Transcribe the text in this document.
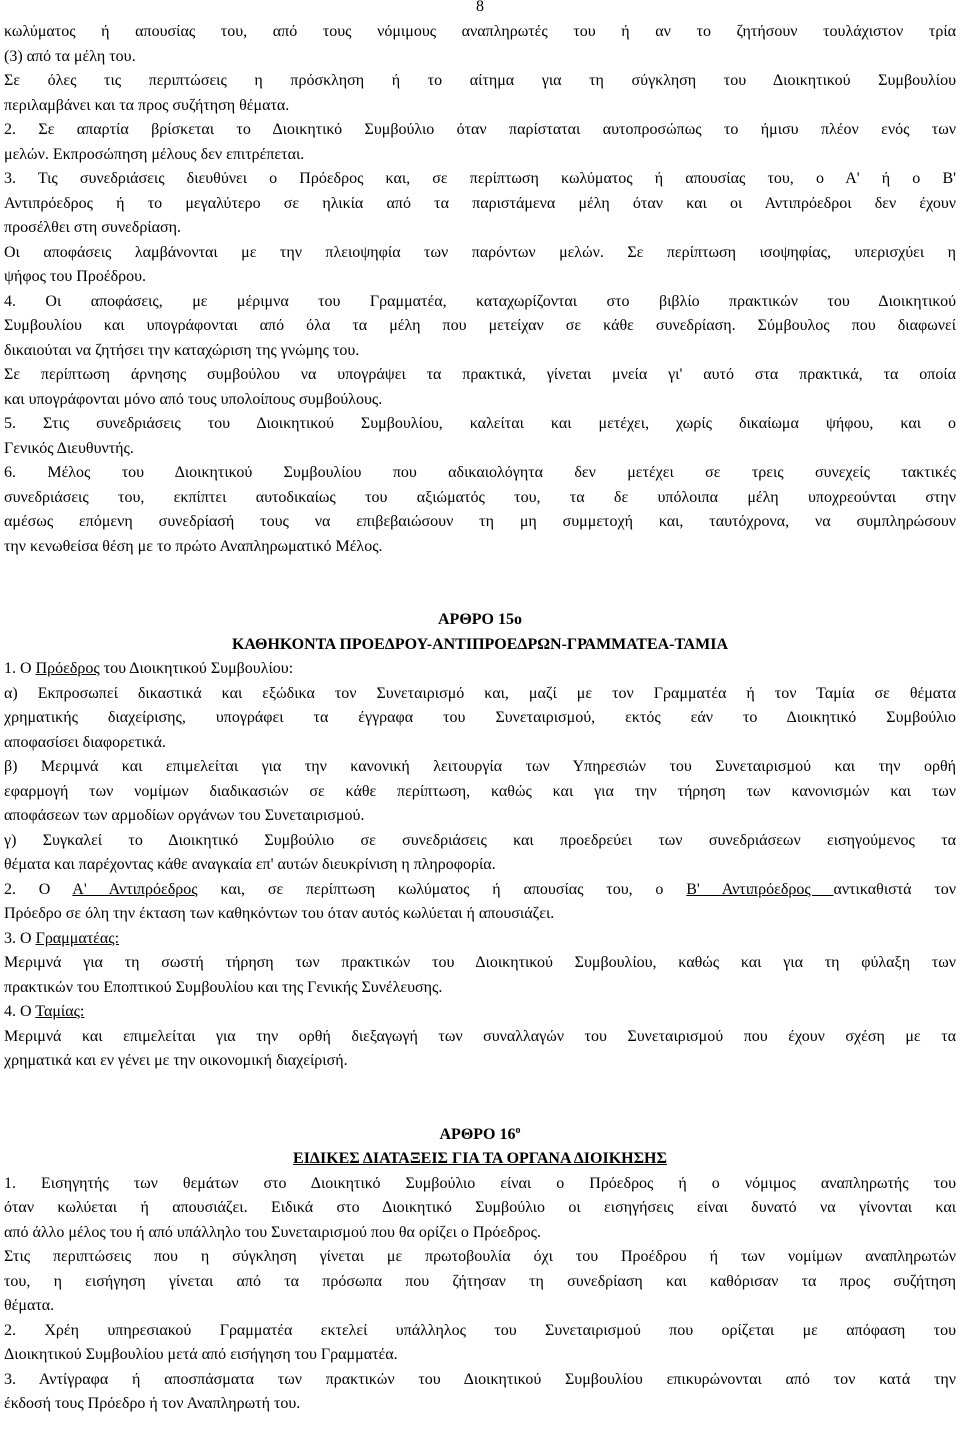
8
κωλύματος ή απουσίας του, από τους νόμιμους αναπληρωτές του ή αν το ζητήσουν τουλάχιστον τρία
(3) από τα μέλη του.
Σε όλες τις περιπτώσεις η πρόσκληση ή το αίτημα για τη σύγκληση του Διοικητικού Συμβουλίου
περιλαμβάνει και τα προς συζήτηση θέματα.
2. Σε απαρτία βρίσκεται το Διοικητικό Συμβούλιο όταν παρίσταται αυτοπροσώπως το ήμισυ πλέον ενός των
μελών. Εκπροσώπηση μέλους δεν επιτρέπεται.
3. Τις συνεδριάσεις διευθύνει ο Πρόεδρος και, σε περίπτωση κωλύματος ή απουσίας του, ο Α' ή ο Β'
Αντιπρόεδρος ή το μεγαλύτερο σε ηλικία από τα παριστάμενα μέλη όταν και οι Αντιπρόεδροι δεν έχουν
προσέλθει στη συνεδρίαση.
Οι αποφάσεις λαμβάνονται με την πλειοψηφία των παρόντων μελών. Σε περίπτωση ισοψηφίας, υπερισχύει η
ψήφος του Προέδρου.
4. Οι αποφάσεις, με μέριμνα του Γραμματέα, καταχωρίζονται στο βιβλίο πρακτικών του Διοικητικού
Συμβουλίου και υπογράφονται από όλα τα μέλη που μετείχαν σε κάθε συνεδρίαση. Σύμβουλος που διαφωνεί
δικαιούται να ζητήσει την καταχώριση της γνώμης του.
Σε περίπτωση άρνησης συμβούλου να υπογράψει τα πρακτικά, γίνεται μνεία γι' αυτό στα πρακτικά, τα οποία
και υπογράφονται μόνο από τους υπολοίπους συμβούλους.
5. Στις συνεδριάσεις του Διοικητικού Συμβουλίου, καλείται και μετέχει, χωρίς δικαίωμα ψήφου, και ο
Γενικός Διευθυντής.
6. Μέλος του Διοικητικού Συμβουλίου που αδικαιολόγητα δεν μετέχει σε τρεις συνεχείς τακτικές
συνεδριάσεις του, εκπίπτει αυτοδικαίως του αξιώματός του, τα δε υπόλοιπα μέλη υποχρεούνται στην
αμέσως επόμενη συνεδρίασή τους να επιβεβαιώσουν τη μη συμμετοχή και, ταυτόχρονα, να συμπληρώσουν
την κενωθείσα θέση με το πρώτο Αναπληρωματικό Μέλος.
ΑΡΘΡΟ 15ο
ΚΑΘΗΚΟΝΤΑ ΠΡΟΕΔΡΟΥ-ΑΝΤΙΠΡΟΕΔΡΩΝ-ΓΡΑΜΜΑΤΕΑ-ΤΑΜΙΑ
1. Ο Πρόεδρος του Διοικητικού Συμβουλίου:
α) Εκπροσωπεί δικαστικά και εξώδικα τον Συνεταιρισμό και, μαζί με τον Γραμματέα ή τον Ταμία σε θέματα
χρηματικής διαχείρισης, υπογράφει τα έγγραφα του Συνεταιρισμού, εκτός εάν το Διοικητικό Συμβούλιο
αποφασίσει διαφορετικά.
β) Μεριμνά και επιμελείται για την κανονική λειτουργία των Υπηρεσιών του Συνεταιρισμού και την ορθή
εφαρμογή των νομίμων διαδικασιών σε κάθε περίπτωση, καθώς και για την τήρηση των κανονισμών και των
αποφάσεων των αρμοδίων οργάνων του Συνεταιρισμού.
γ) Συγκαλεί το Διοικητικό Συμβούλιο σε συνεδριάσεις και προεδρεύει των συνεδριάσεων εισηγούμενος τα
θέματα και παρέχοντας κάθε αναγκαία επ' αυτών διευκρίνιση η πληροφορία.
2. Ο Α' Αντιπρόεδρος και, σε περίπτωση κωλύματος ή απουσίας του, ο Β' Αντιπρόεδρος αντικαθιστά τον
Πρόεδρο σε όλη την έκταση των καθηκόντων του όταν αυτός κωλύεται ή απουσιάζει.
3. Ο Γραμματέας:
Μεριμνά για τη σωστή τήρηση των πρακτικών του Διοικητικού Συμβουλίου, καθώς και για τη φύλαξη των
πρακτικών του Εποπτικού Συμβουλίου και της Γενικής Συνέλευσης.
4. Ο Ταμίας:
Μεριμνά και επιμελείται για την ορθή διεξαγωγή των συναλλαγών του Συνεταιρισμού που έχουν σχέση με τα
χρηματικά και εν γένει με την οικονομική διαχείρισή.
ΑΡΘΡΟ $16^o$
ΕΙΔΙΚΕΣ ΔΙΑΤΑΞΕΙΣ ΓΙΑ ΤΑ ΟΡΓΑΝΑ ΔΙΟΙΚΗΣΗΣ
1. Εισηγητής των θεμάτων στο Διοικητικό Συμβούλιο είναι ο Πρόεδρος ή ο νόμιμος αναπληρωτής του
όταν κωλύεται ή απουσιάζει. Ειδικά στο Διοικητικό Συμβούλιο οι εισηγήσεις είναι δυνατό να γίνονται και
από άλλο μέλος του ή από υπάλληλο του Συνεταιρισμού που θα ορίζει ο Πρόεδρος.
Στις περιπτώσεις που η σύγκληση γίνεται με πρωτοβουλία όχι του Προέδρου ή των νομίμων αναπληρωτών
του, η εισήγηση γίνεται από τα πρόσωπα που ζήτησαν τη συνεδρίαση και καθόρισαν τα προς συζήτηση
θέματα.
2. Χρέη υπηρεσιακού Γραμματέα εκτελεί υπάλληλος του Συνεταιρισμού που ορίζεται με απόφαση του
Διοικητικού Συμβουλίου μετά από εισήγηση του Γραμματέα.
3. Αντίγραφα ή αποσπάσματα των πρακτικών του Διοικητικού Συμβουλίου επικυρώνονται από τον κατά την
έκδοσή τους Πρόεδρο ή τον Αναπληρωτή του.
